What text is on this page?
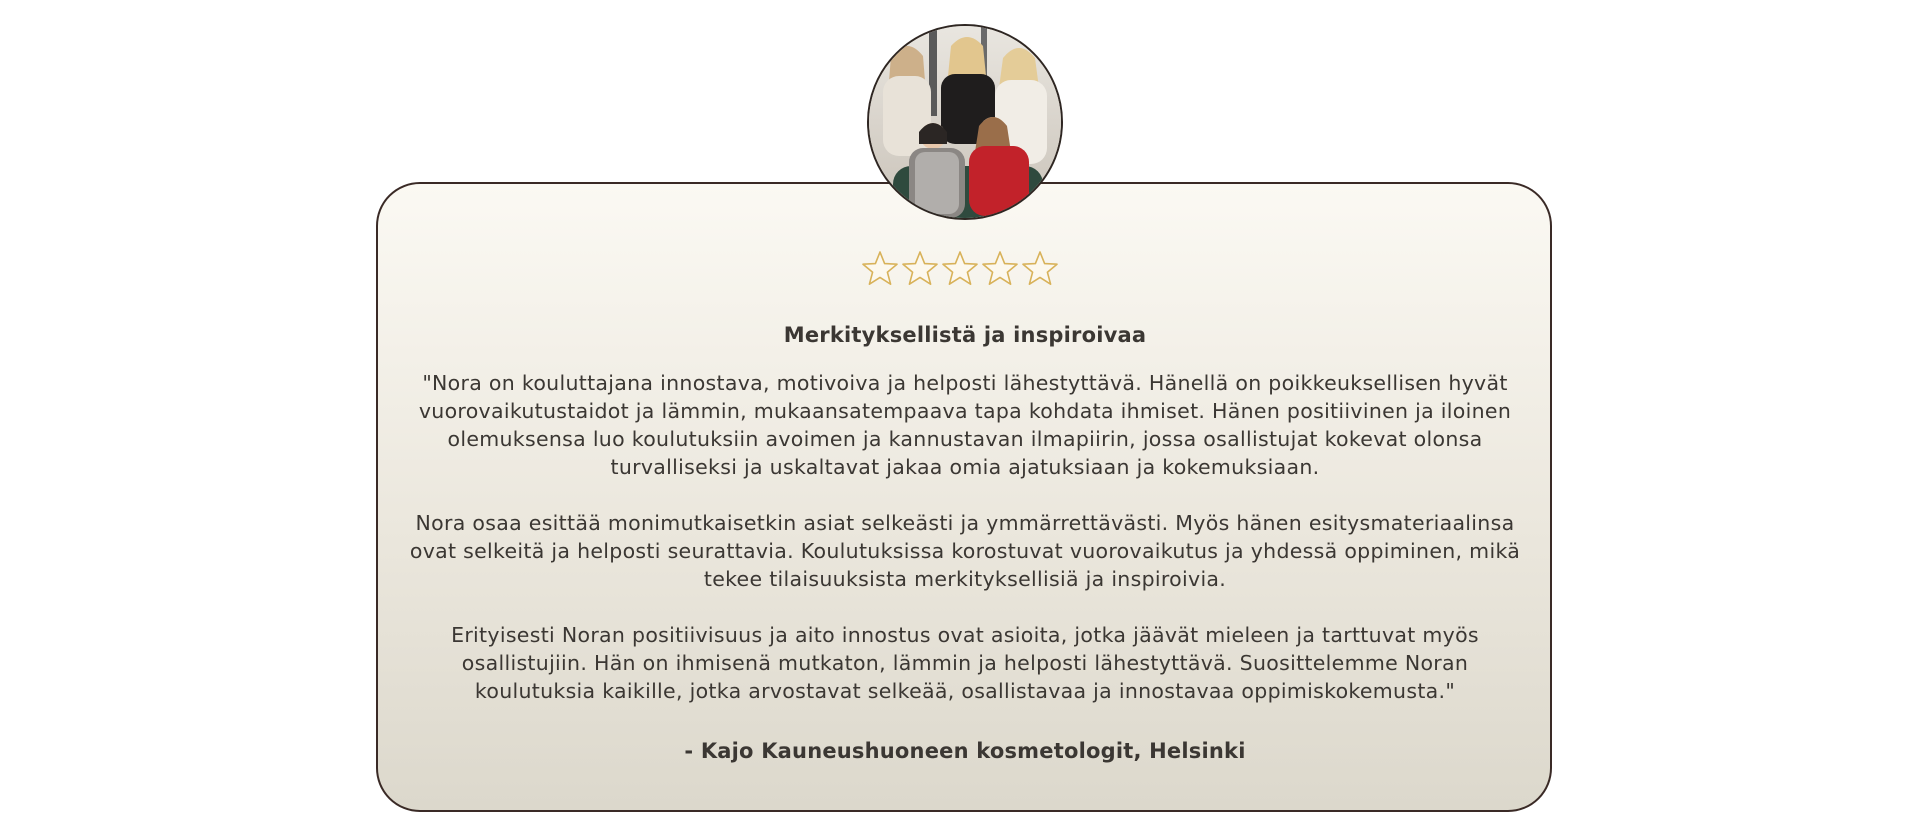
Merkityksellistä ja inspiroivaa

"Nora on kouluttajana innostava, motivoiva ja helposti lähestyttävä. Hänellä on poikkeuksellisen hyvät vuorovaikutustaidot ja lämmin, mukaansatempaava tapa kohdata ihmiset. Hänen positiivinen ja iloinen olemuksensa luo koulutuksiin avoimen ja kannustavan ilmapiirin, jossa osallistujat kokevat olonsa turvalliseksi ja uskaltavat jakaa omia ajatuksiaan ja kokemuksiaan.

Nora osaa esittää monimutkaisetkin asiat selkeästi ja ymmärrettävästi. Myös hänen esitysmateriaalinsa ovat selkeitä ja helposti seurattavia. Koulutuksissa korostuvat vuorovaikutus ja yhdessä oppiminen, mikä tekee tilaisuuksista merkityksellisiä ja inspiroivia.

Erityisesti Noran positiivisuus ja aito innostus ovat asioita, jotka jäävät mieleen ja tarttuvat myös osallistujiin. Hän on ihmisenä mutkaton, lämmin ja helposti lähestyttävä. Suosittelemme Noran koulutuksia kaikille, jotka arvostavat selkeää, osallistavaa ja innostavaa oppimiskokemusta."

- Kajo Kauneushuoneen kosmetologit, Helsinki
